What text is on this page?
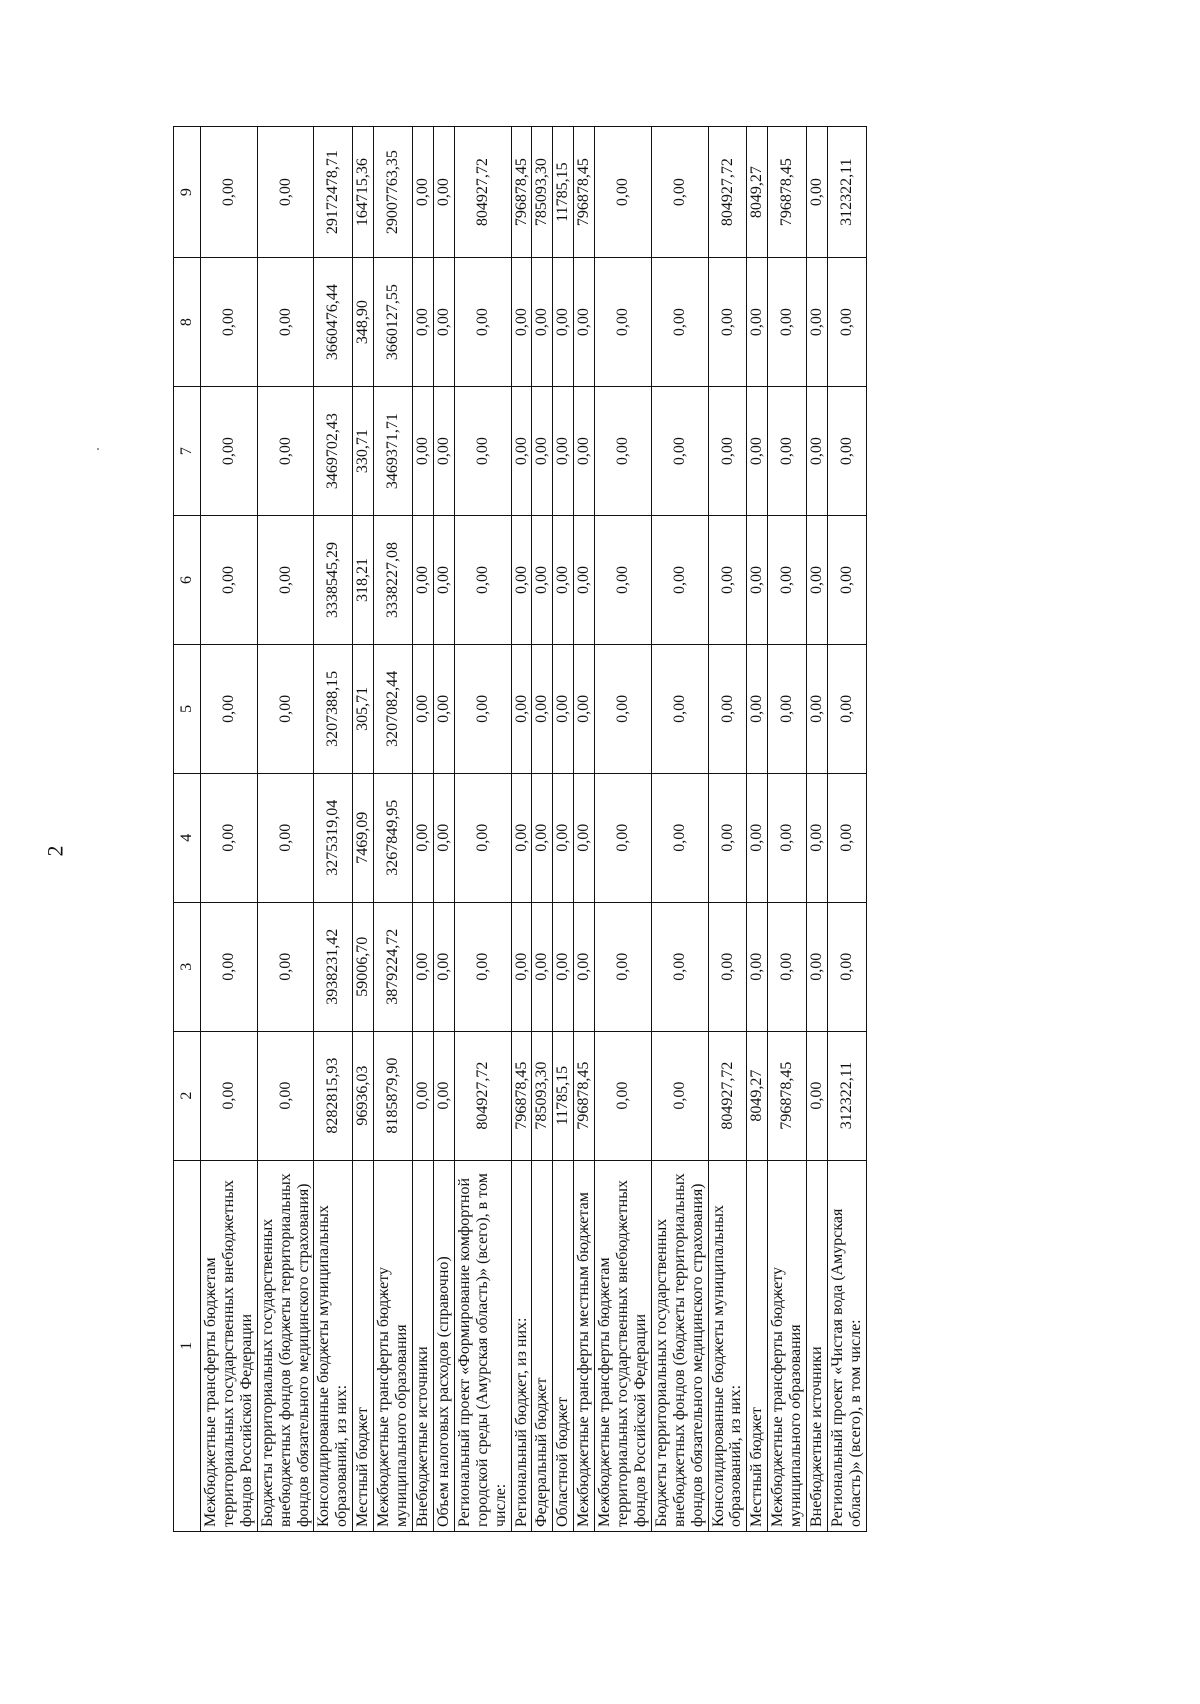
2
1	2	3	4	5	6	7	8	9
Межбюджетные трансферты бюджетам территориальных государственных внебюджетных фондов Российской Федерации	0,00	0,00	0,00	0,00	0,00	0,00	0,00	0,00
Бюджеты территориальных государственных внебюджетных фондов (бюджеты территориальных фондов обязательного медицинского страхования)	0,00	0,00	0,00	0,00	0,00	0,00	0,00	0,00
Консолидированные бюджеты муниципальных образований, из них:	8282815,93	3938231,42	3275319,04	3207388,15	3338545,29	3469702,43	3660476,44	29172478,71
Местный бюджет	96936,03	59006,70	7469,09	305,71	318,21	330,71	348,90	164715,36
Межбюджетные трансферты бюджету муниципального образования	8185879,90	3879224,72	3267849,95	3207082,44	3338227,08	3469371,71	3660127,55	29007763,35
Внебюджетные источники	0,00	0,00	0,00	0,00	0,00	0,00	0,00	0,00
Объем налоговых расходов (справочно)	0,00	0,00	0,00	0,00	0,00	0,00	0,00	0,00
Региональный проект «Формирование комфортной городской среды (Амурская область)» (всего), в том числе:	804927,72	0,00	0,00	0,00	0,00	0,00	0,00	804927,72
Региональный бюджет, из них:	796878,45	0,00	0,00	0,00	0,00	0,00	0,00	796878,45
Федеральный бюджет	785093,30	0,00	0,00	0,00	0,00	0,00	0,00	785093,30
Областной бюджет	11785,15	0,00	0,00	0,00	0,00	0,00	0,00	11785,15
Межбюджетные трансферты местным бюджетам	796878,45	0,00	0,00	0,00	0,00	0,00	0,00	796878,45
Межбюджетные трансферты бюджетам территориальных государственных внебюджетных фондов Российской Федерации	0,00	0,00	0,00	0,00	0,00	0,00	0,00	0,00
Бюджеты территориальных государственных внебюджетных фондов (бюджеты территориальных фондов обязательного медицинского страхования)	0,00	0,00	0,00	0,00	0,00	0,00	0,00	0,00
Консолидированные бюджеты муниципальных образований, из них:	804927,72	0,00	0,00	0,00	0,00	0,00	0,00	804927,72
Местный бюджет	8049,27	0,00	0,00	0,00	0,00	0,00	0,00	8049,27
Межбюджетные трансферты бюджету муниципального образования	796878,45	0,00	0,00	0,00	0,00	0,00	0,00	796878,45
Внебюджетные источники	0,00	0,00	0,00	0,00	0,00	0,00	0,00	0,00
Региональный проект «Чистая вода (Амурская область)» (всего), в том числе:	312322,11	0,00	0,00	0,00	0,00	0,00	0,00	312322,11
